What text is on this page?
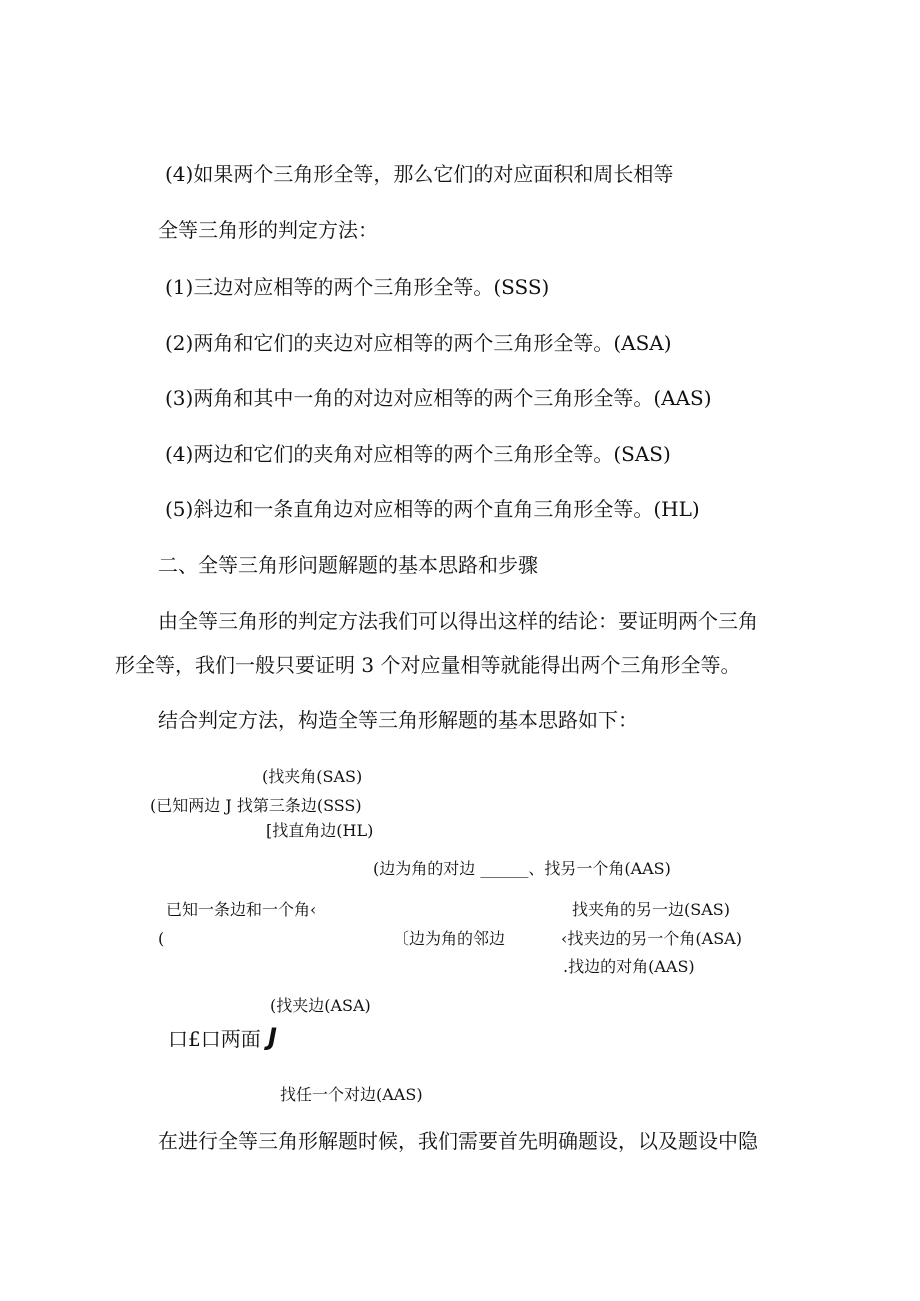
(4)如果两个三角形全等，那么它们的对应面积和周长相等
全等三角形的判定方法：
(1)三边对应相等的两个三角形全等。(SSS)
(2)两角和它们的夹边对应相等的两个三角形全等。(ASA)
(3)两角和其中一角的对边对应相等的两个三角形全等。(AAS)
(4)两边和它们的夹角对应相等的两个三角形全等。(SAS)
(5)斜边和一条直角边对应相等的两个直角三角形全等。(HL)
二、全等三角形问题解题的基本思路和步骤
由全等三角形的判定方法我们可以得出这样的结论：要证明两个三角
形全等，我们一般只要证明 3 个对应量相等就能得出两个三角形全等。
结合判定方法，构造全等三角形解题的基本思路如下：
(找夹角(SAS)
(已知两边 J 找第三条边(SSS)
[找直角边(HL)
(边为角的对边 ______、找另一个角(AAS)
已知一条边和一个角‹	找夹角的另一边(SAS)
(	〔边为角的邻边	‹找夹边的另一个角(ASA)
.找边的对角(AAS)
(找夹边(ASA)
口£口两面 J
找任一个对边(AAS)
在进行全等三角形解题时候，我们需要首先明确题设，以及题设中隐
